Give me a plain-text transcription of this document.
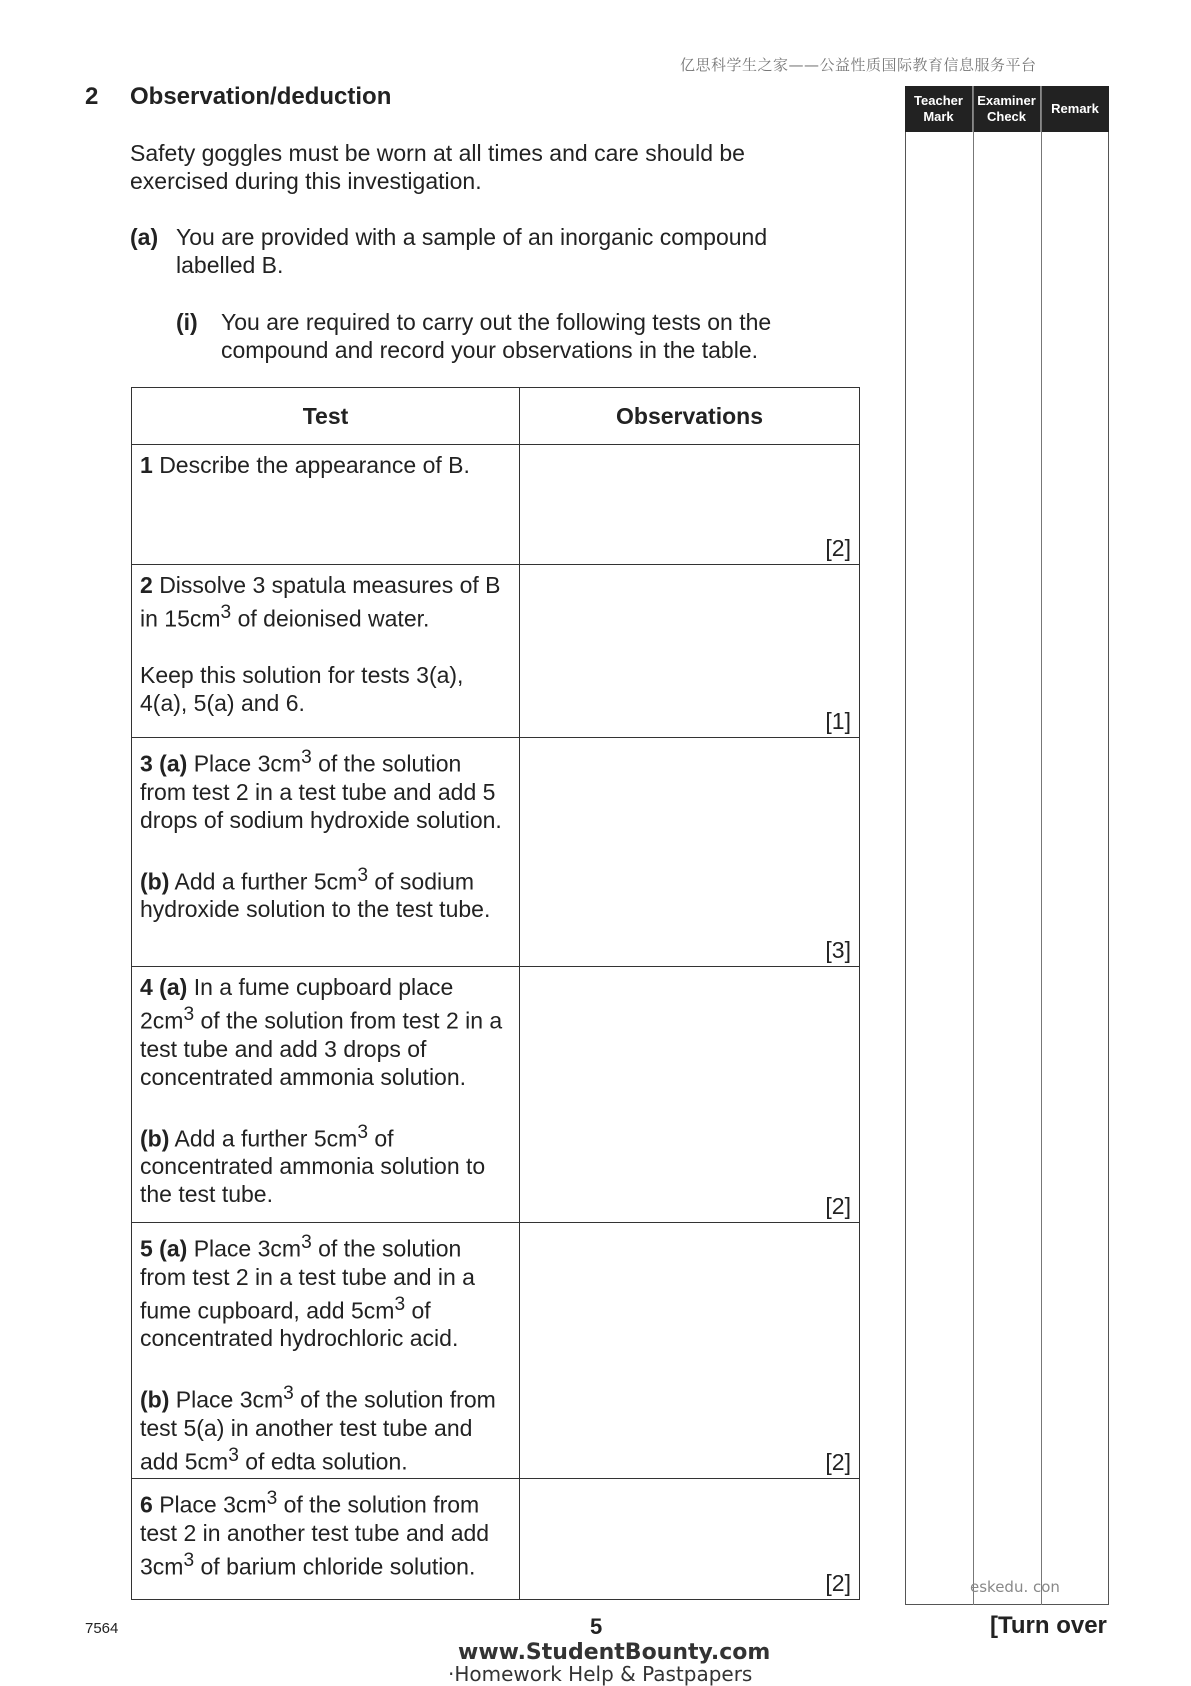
亿思科学生之家——公益性质国际教育信息服务平台
2 Observation/deduction
Safety goggles must be worn at all times and care should be exercised during this investigation.
(a) You are provided with a sample of an inorganic compound labelled B.
(i) You are required to carry out the following tests on the compound and record your observations in the table.
Test	Observations
1 Describe the appearance of B.	[2]

2 Dissolve 3 spatula measures of B in $15cm^3$ of deionised water.
Keep this solution for tests 3(a), 4(a), 5(a) and 6.	[1]

3 (a) Place $3cm^3$ of the solution from test 2 in a test tube and add 5 drops of sodium hydroxide solution.
(b) Add a further $5cm^3$ of sodium hydroxide solution to the test tube.	[3]

4 (a) In a fume cupboard place $2cm^3$ of the solution from test 2 in a test tube and add 3 drops of concentrated ammonia solution.
(b) Add a further $5cm^3$ of concentrated ammonia solution to the test tube.	[2]

5 (a) Place $3cm^3$ of the solution from test 2 in a test tube and in a fume cupboard, add $5cm^3$ of concentrated hydrochloric acid.
(b) Place $3cm^3$ of the solution from test 5(a) in another test tube and add $5cm^3$ of edta solution.	[2]

6 Place $3cm^3$ of the solution from test 2 in another test tube and add $3cm^3$ of barium chloride solution.	[2]
Teacher Mark
Examiner Check
Remark
eskedu. con
7564	5	[Turn over
www.StudentBounty.com
·Homework Help & Pastpapers
